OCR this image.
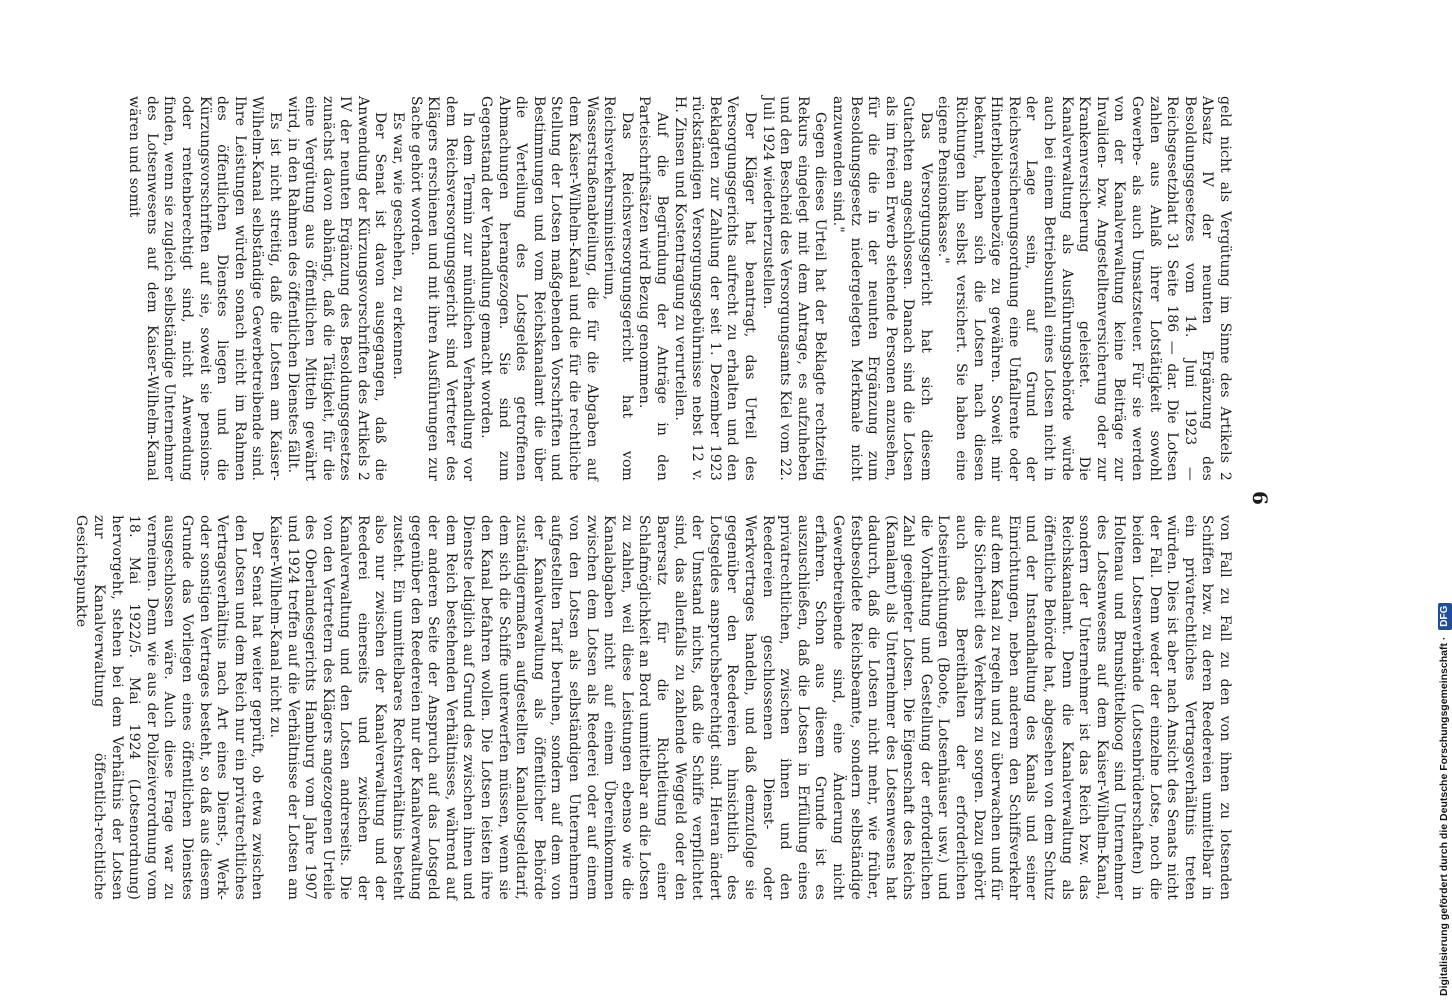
6

geld nicht als Vergütung im Sinne des Artikels 2 Absatz IV der neunten Ergänzung des Besoldungsgesetzes vom 14. Juni 1923 — Reichsgesetzblatt 31 Seite 186 — dar. Die Lotsen zahlen aus Anlaß ihrer Lotstätigkeit sowohl Gewerbe- als auch Umsatzsteuer. Für sie werden von der Kanalverwaltung keine Beiträge zur Invaliden- bzw. Angestelltenversicherung oder zur Krankenversicherung geleistet. Die Kanalverwaltung als Ausführungsbehörde würde auch bei einem Betriebsunfall eines Lotsen nicht in der Lage sein, auf Grund der Reichsversicherungsordnung eine Unfallrente oder Hinterbliebenenbezüge zu gewähren. Soweit mir bekannt, haben sich die Lotsen nach diesen Richtungen hin selbst versichert. Sie haben eine eigene Pensionskasse."

Das Versorgungsgericht hat sich diesem Gutachten angeschlossen. Danach sind die Lotsen als im freien Erwerb stehende Personen anzusehen, für die die in der neunten Ergänzung zum Besoldungsgesetz niedergelegten Merkmale nicht anzuwenden sind."

Gegen dieses Urteil hat der Beklagte rechtzeitig Rekurs eingelegt mit dem Antrage, es aufzuheben und den Bescheid des Versorgungsamts Kiel vom 22. Juli 1924 wiederherzustellen.

Der Kläger hat beantragt, das Urteil des Versorgungsgerichts aufrecht zu erhalten und den Beklagten zur Zahlung der seit 1. Dezember 1923 rückständigen Versorgungsgebührnisse nebst 12 v. H. Zinsen und Kostentragung zu verurteilen.

Auf die Begründung der Anträge in den Parteischriftsätzen wird Bezug genommen.

Das Reichsversorgungsgericht hat vom Reichsverkehrsministerium, Wasserstraßenabteilung, die für die Abgaben auf dem Kaiser-Wilhelm-Kanal und die für die rechtliche Stellung der Lotsen maßgebenden Vorschriften und Bestimmungen und vom Reichskanalamt die über die Verteilung des Lotsgeldes getroffenen Abmachungen herangezogen. Sie sind zum Gegenstand der Verhandlung gemacht worden.

In dem Termin zur mündlichen Verhandlung vor dem Reichsversorgungsgericht sind Vertreter des Klägers erschienen und mit ihren Ausführungen zur Sache gehört worden.

Es war, wie geschehen, zu erkennen.

Der Senat ist davon ausgegangen, daß die Anwendung der Kürzungsvorschriften des Artikels 2 IV der neunten Ergänzung des Besoldungsgesetzes zunächst davon abhängt, daß die Tätigkeit, für die eine Vergütung aus öffentlichen Mitteln gewährt wird, in den Rahmen des öffentlichen Dienstes fällt.

Es ist nicht streitig, daß die Lotsen am Kaiser-Wilhelm-Kanal selbständige Gewerbetreibende sind. Ihre Leistungen würden sonach nicht im Rahmen des öffentlichen Dienstes liegen und die Kürzungsvorschriften auf sie, soweit sie pensions- oder rentenberechtigt sind, nicht Anwendung finden, wenn sie zugleich selbständige Unternehmer des Lotsenwesens auf dem Kaiser-Wilhelm-Kanal wären und somit

von Fall zu Fall zu den von ihnen zu lotsenden Schiffen bzw. zu deren Reedereien unmittelbar in ein privatrechtliches Vertragsverhältnis treten würden. Dies ist aber nach Ansicht des Senats nicht der Fall. Denn weder der einzelne Lotse, noch die beiden Lotsenverbände (Lotsenbrüderschaften) in Holtenau und Brunsbüttelkoog sind Unternehmer des Lotsenwesens auf dem Kaiser-Wilhelm-Kanal, sondern der Unternehmer ist das Reich bzw. das Reichskanalamt. Denn die Kanalverwaltung als öffentliche Behörde hat, abgesehen von dem Schutz und der Instandhaltung des Kanals und seiner Einrichtungen, neben anderem den Schiffsverkehr auf dem Kanal zu regeln und zu überwachen und für die Sicherheit des Verkehrs zu sorgen. Dazu gehört auch das Bereithalten der erforderlichen Lotseinrichtungen (Boote, Lotsenhäuser usw.) und die Vorhaltung und Gestellung der erforderlichen Zahl geeigneter Lotsen. Die Eigenschaft des Reichs (Kanalamt) als Unternehmer des Lotsenwesens hat dadurch, daß die Lotsen nicht mehr, wie früher, festbesoldete Reichsbeamte, sondern selbständige Gewerbetreibende sind, eine Änderung nicht erfahren. Schon aus diesem Grunde ist es auszuschließen, daß die Lotsen in Erfüllung eines privatrechtlichen, zwischen ihnen und den Reedereien geschlossenen Dienst- oder Werkvertrages handeln, und daß demzufolge sie gegenüber den Reedereien hinsichtlich des Lotsgeldes anspruchsberechtigt sind. Hieran ändert der Umstand nichts, daß die Schiffe verpflichtet sind, das allenfalls zu zahlende Weggeld oder den Barersatz für die Richtleitung einer Schlafmöglichkeit an Bord unmittelbar an die Lotsen zu zahlen, weil diese Leistungen ebenso wie die Kanalabgaben nicht auf einem Übereinkommen zwischen dem Lotsen als Reederei oder auf einem von den Lotsen als selbständigen Unternehmern aufgestellten Tarif beruhen, sondern auf dem von der Kanalverwaltung als öffentlicher Behörde zuständigermaßen aufgestellten Kanallotsgeldtarif, dem sich die Schiffe unterwerfen müssen, wenn sie den Kanal befahren wollen. Die Lotsen leisten ihre Dienste lediglich auf Grund des zwischen ihnen und dem Reich bestehenden Verhältnisses, während auf der anderen Seite der Anspruch auf das Lotsgeld gegenüber den Reedereien nur der Kanalverwaltung zusteht. Ein unmittelbares Rechtsverhältnis besteht also nur zwischen der Kanalverwaltung und der Reederei einerseits und zwischen der Kanalverwaltung und den Lotsen andrerseits. Die von den Vertretern des Klägers angezogenen Urteile des Oberlandesgerichts Hamburg vom Jahre 1907 und 1924 treffen auf die Verhältnisse der Lotsen am Kaiser-Wilhelm-Kanal nicht zu.

Der Senat hat weiter geprüft, ob etwa zwischen den Lotsen und dem Reich nur ein privatrechtliches Vertragsverhältnis nach Art eines Dienst-, Werk- oder sonstigen Vertrages besteht, so daß aus diesem Grunde das Vorliegen eines öffentlichen Dienstes ausgeschlossen wäre. Auch diese Frage war zu verneinen. Denn wie aus der Polizeiverordnung vom 18. Mai 1922/5. Mai 1924 (Lotsenordnung) hervorgeht, stehen bei dem Verhältnis der Lotsen zur Kanalverwaltung öffentlich-rechtliche Gesichtspunkte

Digitalisierung gefördert durch die Deutsche Forschungsgemeinschaft · DFG
